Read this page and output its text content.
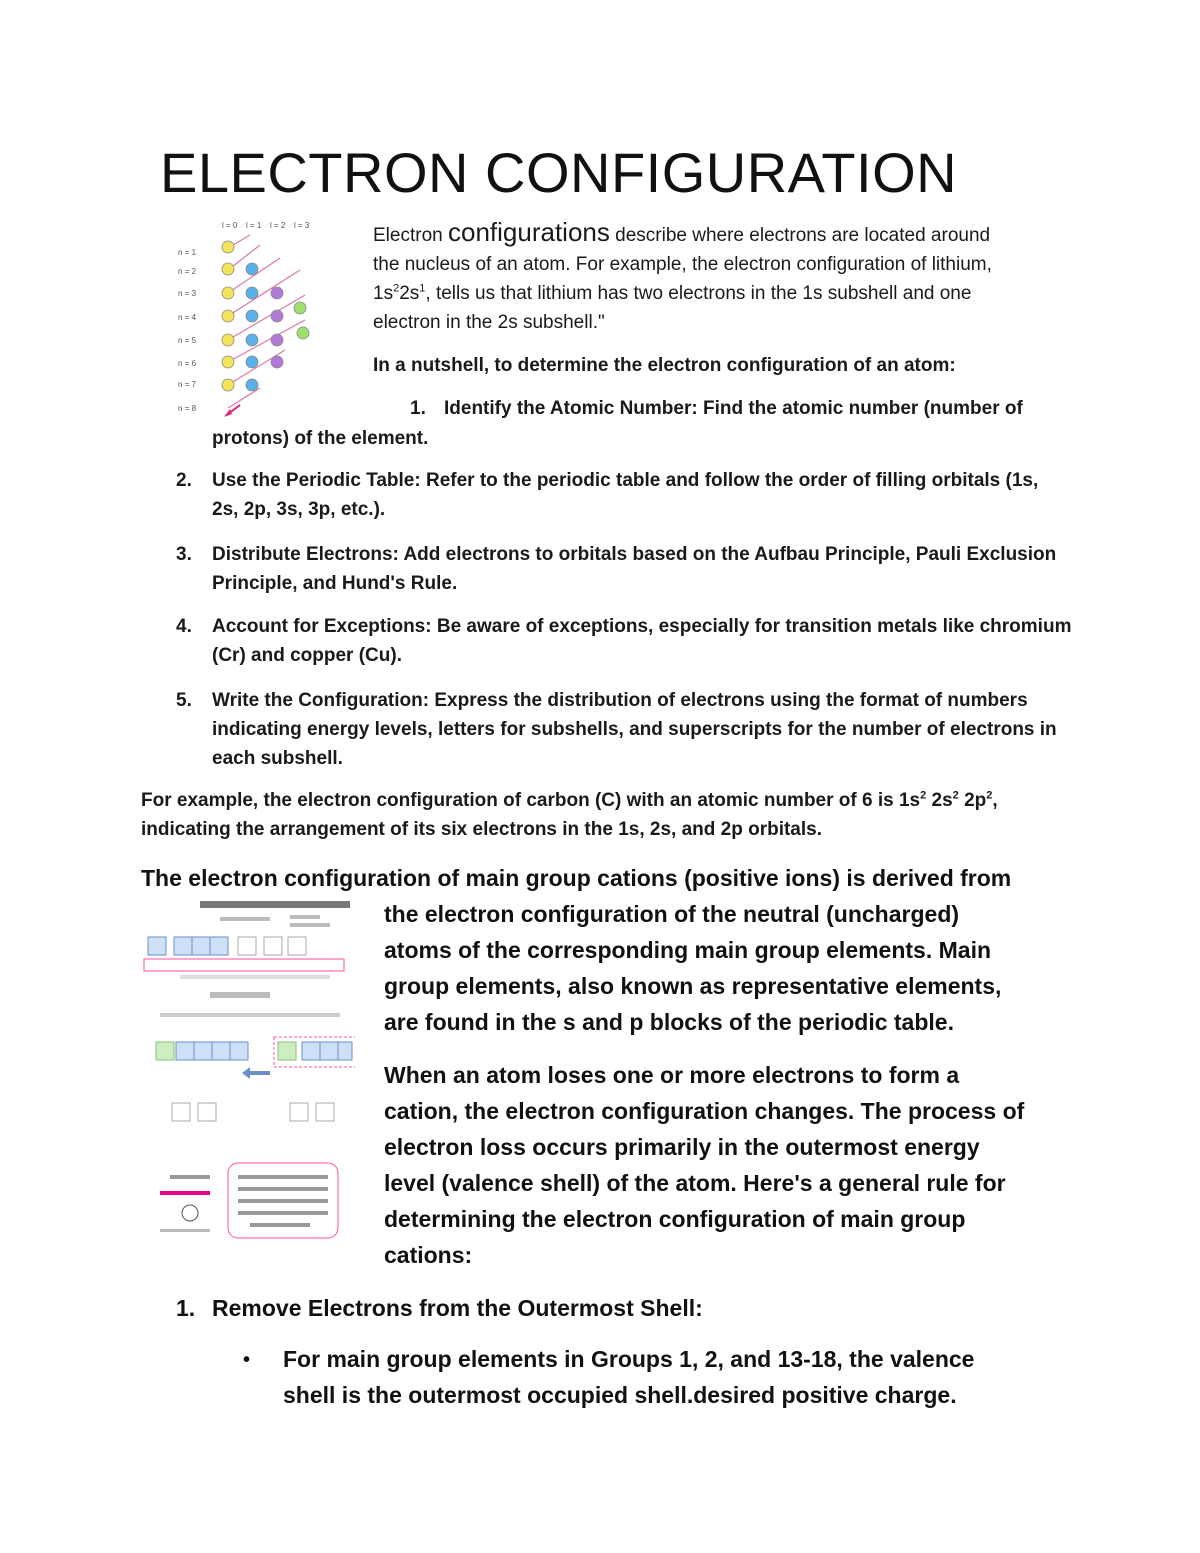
ELECTRON CONFIGURATION
l = 0 l = 1 l = 2 l = 3
n = 1
n = 2
n = 3
n = 4
n = 5
n = 6
n = 7
n = 8
Electron configurations describe where electrons are located around
the nucleus of an atom. For example, the electron configuration of lithium,
$1s^22s^1$, tells us that lithium has two electrons in the 1s subshell and one
electron in the 2s subshell."
In a nutshell, to determine the electron configuration of an atom:
1. Identify the Atomic Number: Find the atomic number (number of
protons) of the element.
2. Use the Periodic Table: Refer to the periodic table and follow the order of filling orbitals (1s,
2s, 2p, 3s, 3p, etc.).
3. Distribute Electrons: Add electrons to orbitals based on the Aufbau Principle, Pauli Exclusion
Principle, and Hund's Rule.
4. Account for Exceptions: Be aware of exceptions, especially for transition metals like chromium
(Cr) and copper (Cu).
5. Write the Configuration: Express the distribution of electrons using the format of numbers
indicating energy levels, letters for subshells, and superscripts for the number of electrons in
each subshell.
For example, the electron configuration of carbon (C) with an atomic number of 6 is $1s^2$ $2s^2$ $2p^2$,
indicating the arrangement of its six electrons in the 1s, 2s, and 2p orbitals.
The electron configuration of main group cations (positive ions) is derived from
the electron configuration of the neutral (uncharged)
atoms of the corresponding main group elements. Main
group elements, also known as representative elements,
are found in the s and p blocks of the periodic table.
When an atom loses one or more electrons to form a
cation, the electron configuration changes. The process of
electron loss occurs primarily in the outermost energy
level (valence shell) of the atom. Here's a general rule for
determining the electron configuration of main group
cations:
1. Remove Electrons from the Outermost Shell:
• For main group elements in Groups 1, 2, and 13-18, the valence
shell is the outermost occupied shell.desired positive charge.
